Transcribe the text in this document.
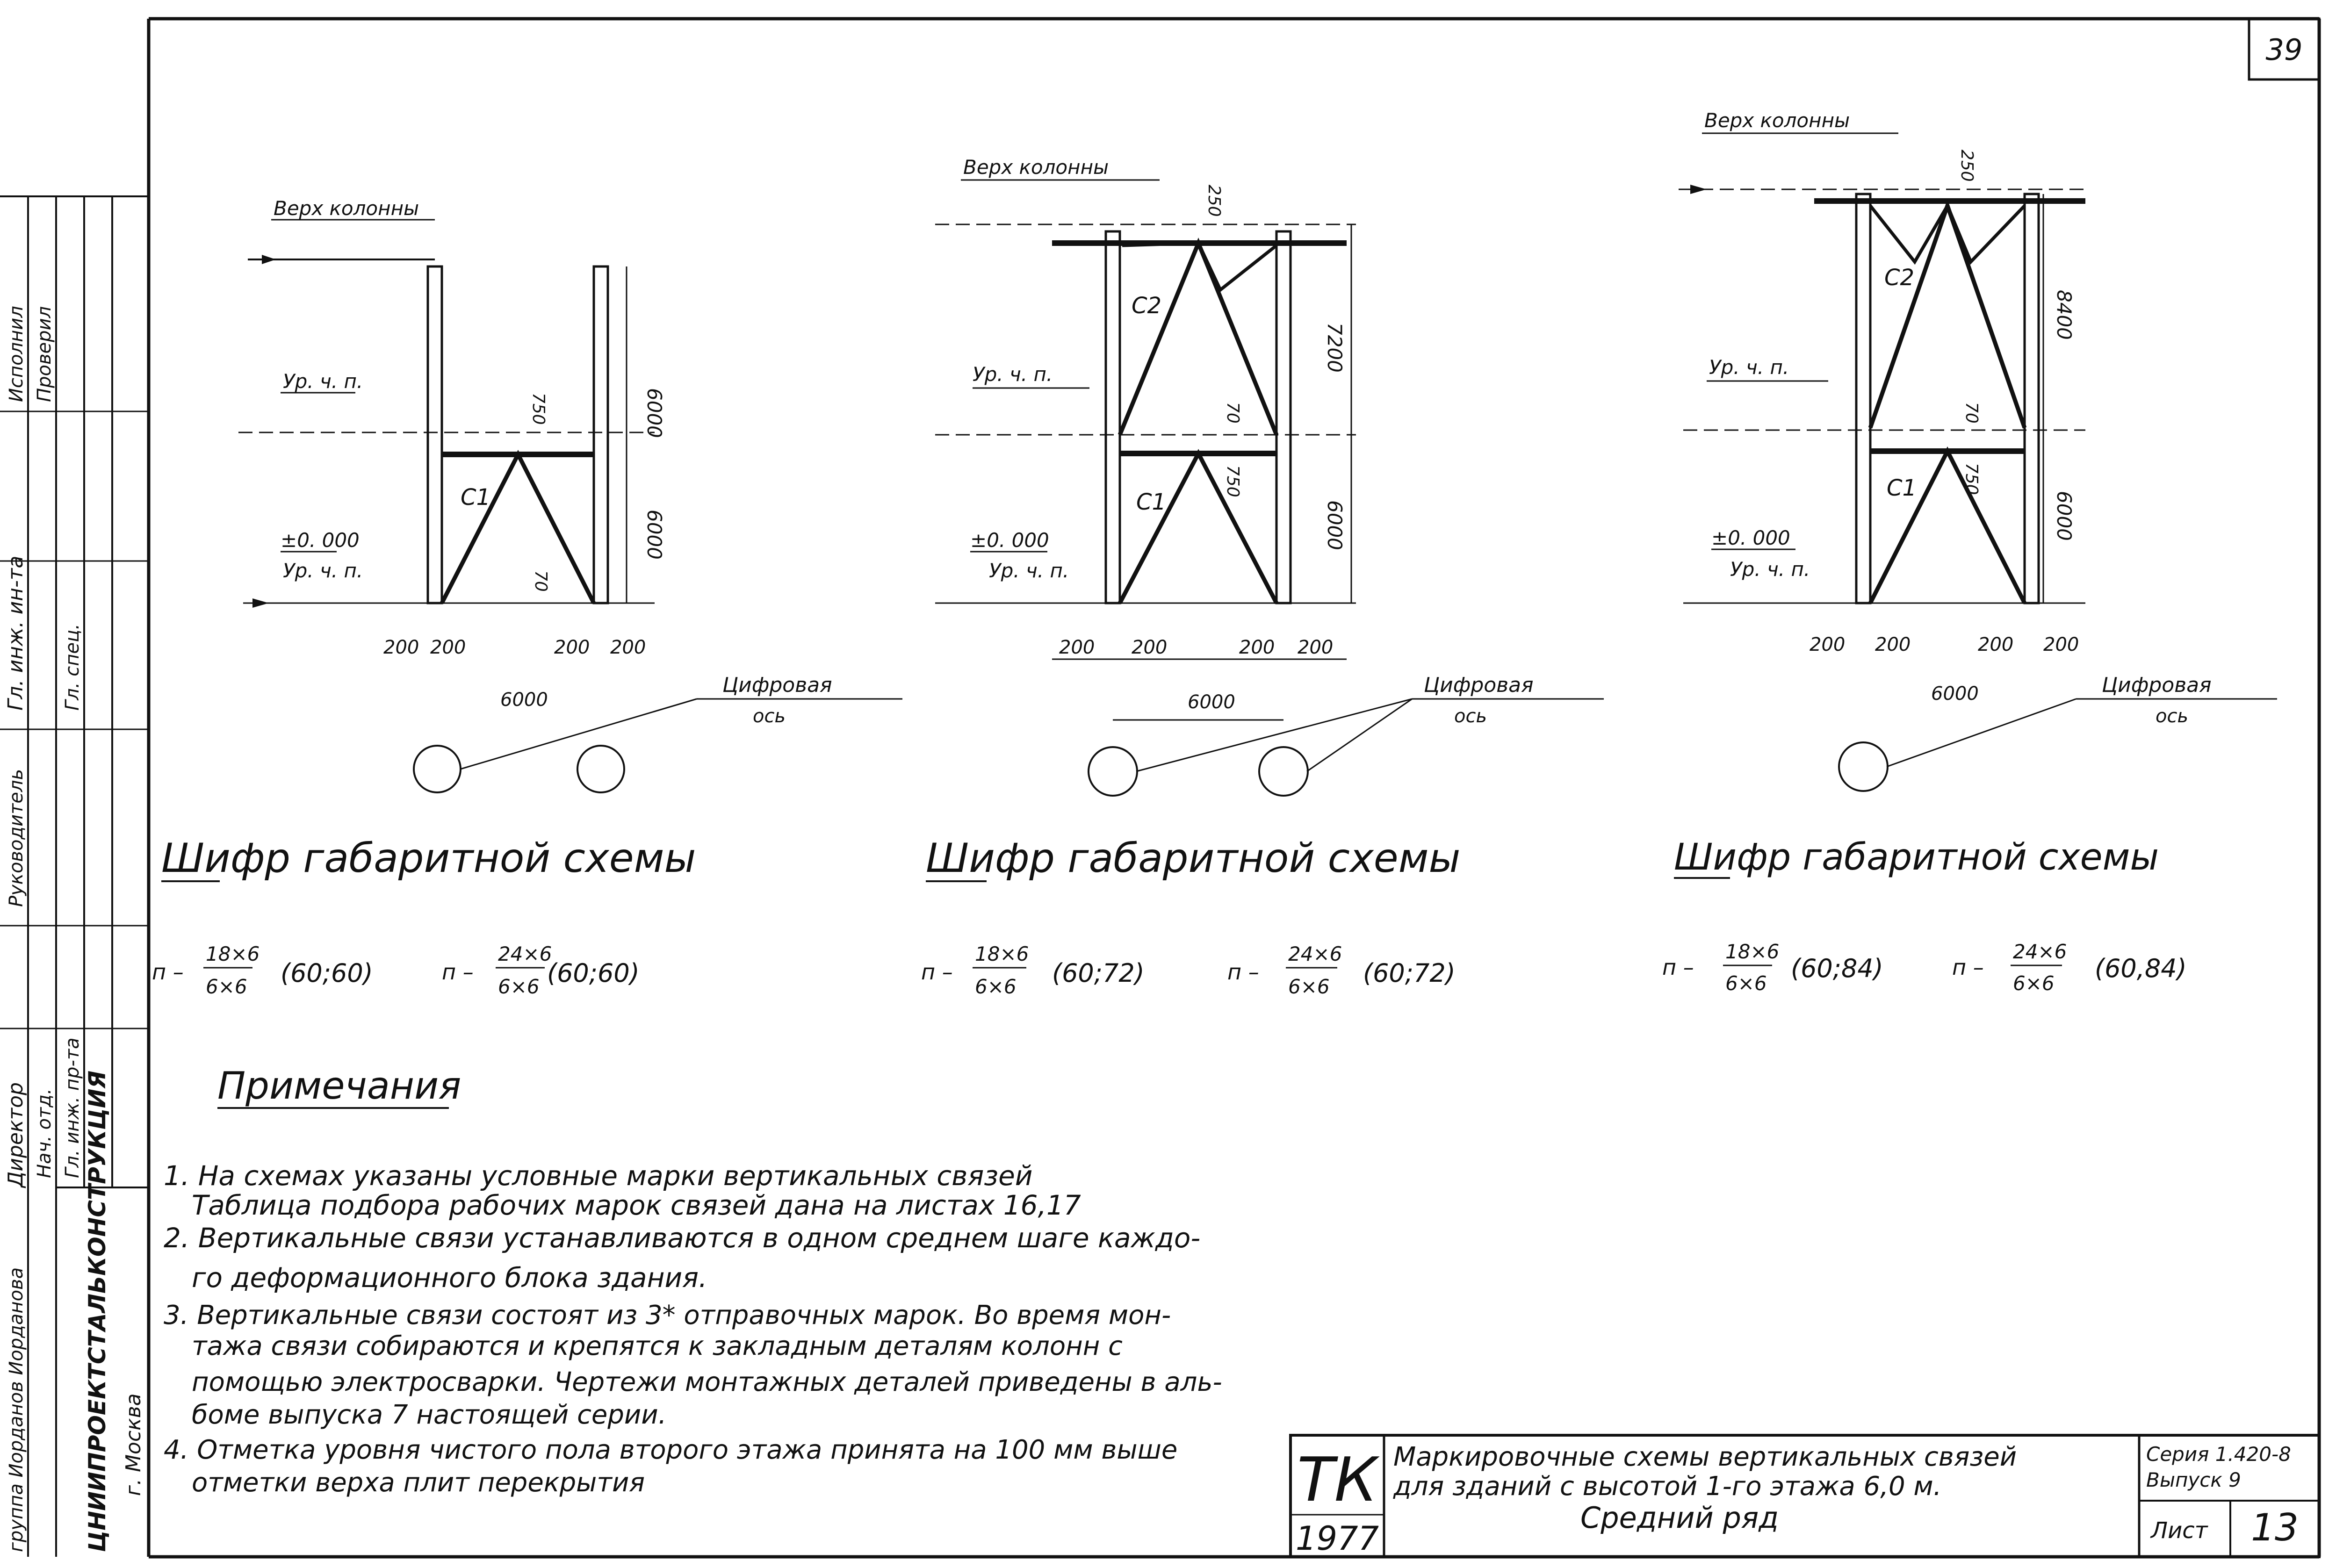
39
Директор
Гл. инж. ин-та
Нач. отд. Гл. инж. пр-та
Гл. спец.
Руководитель
Исполнил Проверил
ЦНИИПРОЕКТСТАЛЬКОНСТРУКЦИЯ г. Москва
группа Иорданов Иорданова
Верх колонны
Ур. ч. п.
±0. 000
Ур. ч. п.
С1
6000
6000
750
70
200 200	200 200
6000
Цифровая
ось
Шифр габаритной схемы
п –
18×6
6×6 (60;60)	п –
24×6
6×6 (60;60)
Верх колонны
Ур. ч. п.
±0. 000
Ур. ч. п.
С2
С1
7200
6000
250
70
750
200 200	200 200
6000
Цифровая
ось
Шифр габаритной схемы
п –
18×6
6×6 (60;72)	п –
24×6
6×6 (60;72)
Верх колонны
Ур. ч. п.
±0. 000
Ур. ч. п.
С2
С1
8400
6000
250
70
750
200 200	200 200
6000	Цифровая
ось
Шифр габаритной схемы
п –
18×6
6×6
(60;84)	п –
24×6
6×6
(60,84)
Примечания
1. На схемах указаны условные марки вертикальных связей
Таблица подбора рабочих марок связей дана на листах 16,17
2. Вертикальные связи устанавливаются в одном среднем шаге каждо-
го деформационного блока здания.
3. Вертикальные связи состоят из 3* отправочных марок. Во время мон-
тажа связи собираются и крепятся к закладным деталям колонн с
помощью электросварки. Чертежи монтажных деталей приведены в аль-
боме выпуска 7 настоящей серии.
4. Отметка уровня чистого пола второго этажа принята на 100 мм выше
отметки верха плит перекрытия	ТК
1977
Маркировочные схемы вертикальных связей
для зданий с высотой 1-го этажа 6,0 м.
Средний ряд
Серия 1.420-8
Выпуск 9
Лист 13
